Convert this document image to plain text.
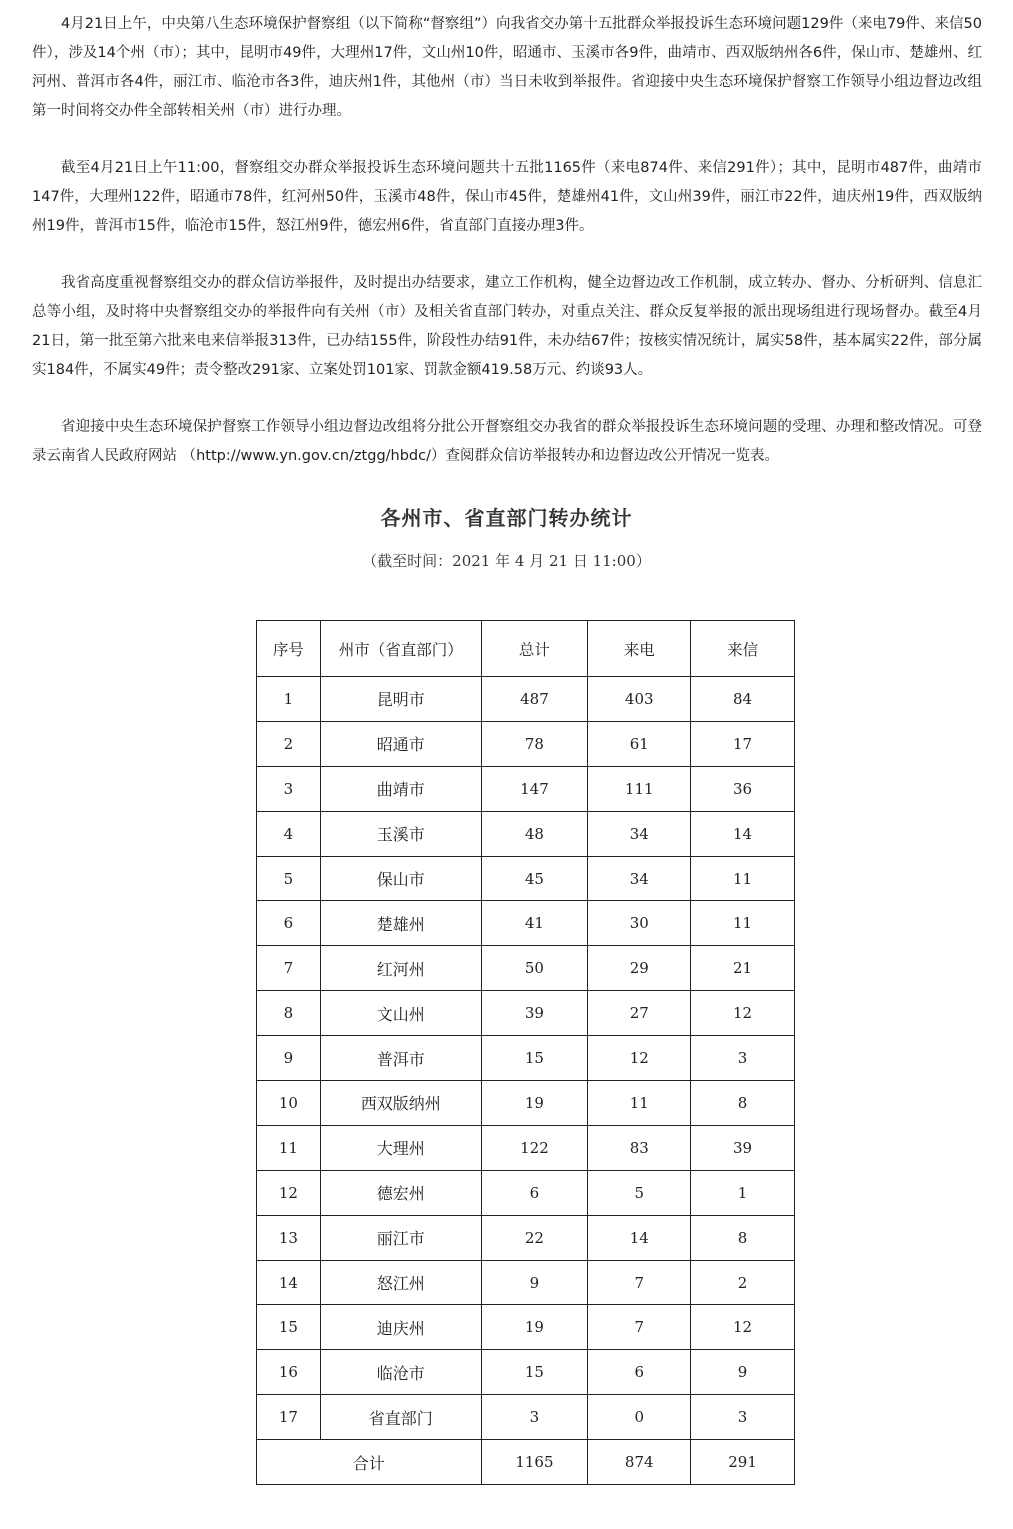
4月21日上午，中央第八生态环境保护督察组（以下简称“督察组”）向我省交办第十五批群众举报投诉生态环境问题129件（来电79件、来信50件），涉及14个州（市）；其中，昆明市49件，大理州17件，文山州10件，昭通市、玉溪市各9件，曲靖市、西双版纳州各6件，保山市、楚雄州、红河州、普洱市各4件，丽江市、临沧市各3件，迪庆州1件，其他州（市）当日未收到举报件。省迎接中央生态环境保护督察工作领导小组边督边改组第一时间将交办件全部转相关州（市）进行办理。

截至4月21日上午11:00，督察组交办群众举报投诉生态环境问题共十五批1165件（来电874件、来信291件）；其中，昆明市487件，曲靖市147件，大理州122件，昭通市78件，红河州50件，玉溪市48件，保山市45件，楚雄州41件，文山州39件，丽江市22件，迪庆州19件，西双版纳州19件，普洱市15件，临沧市15件，怒江州9件，德宏州6件，省直部门直接办理3件。

我省高度重视督察组交办的群众信访举报件，及时提出办结要求，建立工作机构，健全边督边改工作机制，成立转办、督办、分析研判、信息汇总等小组，及时将中央督察组交办的举报件向有关州（市）及相关省直部门转办，对重点关注、群众反复举报的派出现场组进行现场督办。截至4月21日，第一批至第六批来电来信举报313件，已办结155件，阶段性办结91件，未办结67件；按核实情况统计，属实58件，基本属实22件，部分属实184件，不属实49件；责令整改291家、立案处罚101家、罚款金额419.58万元、约谈93人。

省迎接中央生态环境保护督察工作领导小组边督边改组将分批公开督察组交办我省的群众举报投诉生态环境问题的受理、办理和整改情况。可登录云南省人民政府网站 （http://www.yn.gov.cn/ztgg/hbdc/）查阅群众信访举报转办和边督边改公开情况一览表。

各州市、省直部门转办统计
（截至时间：2021 年 4 月 21 日 11:00）
序号	州市（省直部门）	总计	来电	来信
1	昆明市	487	403	84
2	昭通市	78	61	17
3	曲靖市	147	111	36
4	玉溪市	48	34	14
5	保山市	45	34	11
6	楚雄州	41	30	11
7	红河州	50	29	21
8	文山州	39	27	12
9	普洱市	15	12	3
10	西双版纳州	19	11	8
11	大理州	122	83	39
12	德宏州	6	5	1
13	丽江市	22	14	8
14	怒江州	9	7	2
15	迪庆州	19	7	12
16	临沧市	15	6	9
17	省直部门	3	0	3
合计		1165	874	291
